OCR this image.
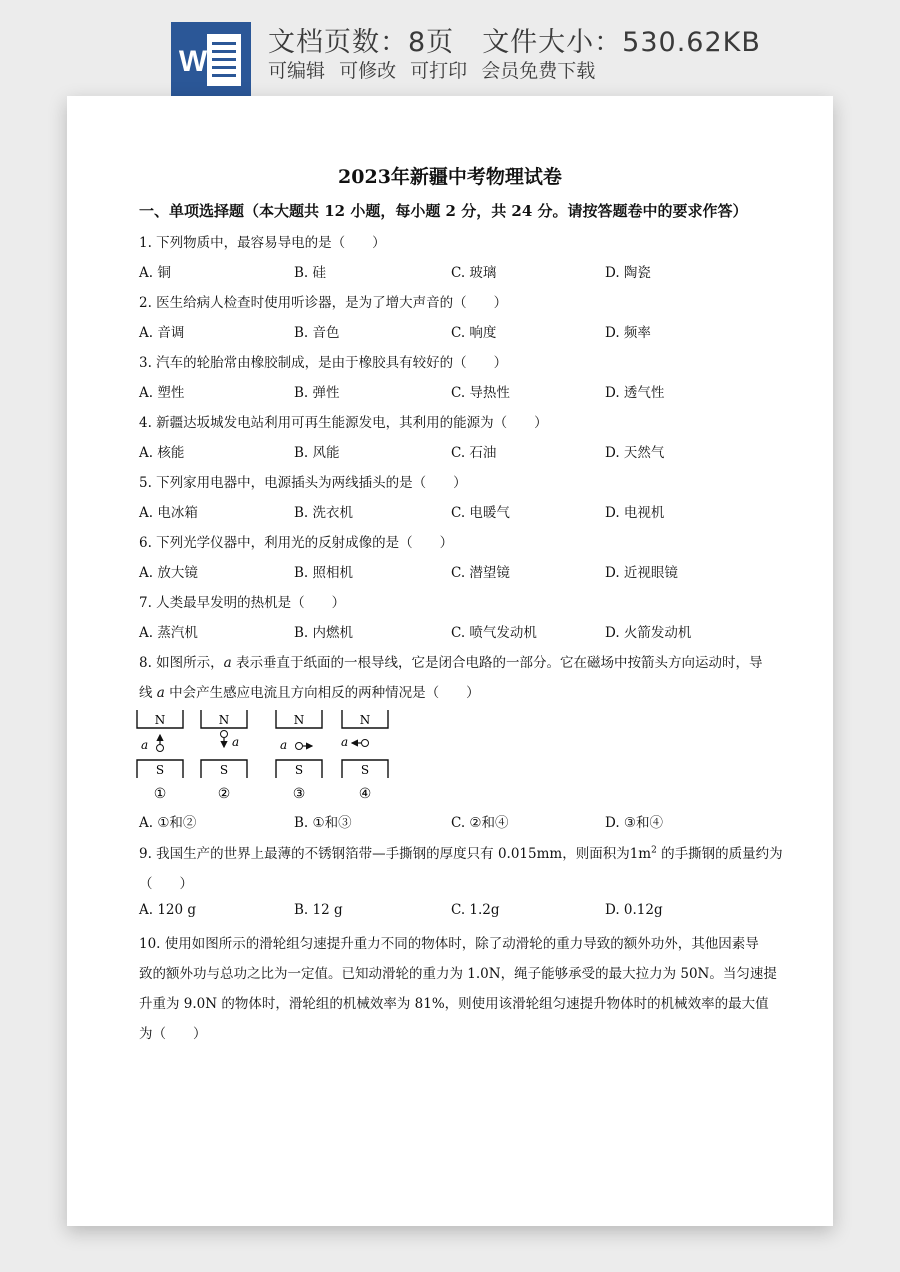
W
文档页数：8页 文件大小：530.62KB
可编辑 可修改 可打印 会员免费下载
2023年新疆中考物理试卷
一、单项选择题（本大题共 12 小题，每小题 2 分，共 24 分。请按答题卷中的要求作答）
1. 下列物质中，最容易导电的是（　　）
A. 铜	B. 硅	C. 玻璃	D. 陶瓷
2. 医生给病人检查时使用听诊器，是为了增大声音的（　　）
A. 音调	B. 音色	C. 响度	D. 频率
3. 汽车的轮胎常由橡胶制成，是由于橡胶具有较好的（　　）
A. 塑性	B. 弹性	C. 导热性	D. 透气性
4. 新疆达坂城发电站利用可再生能源发电，其利用的能源为（　　）
A. 核能	B. 风能	C. 石油	D. 天然气
5. 下列家用电器中，电源插头为两线插头的是（　　）
A. 电冰箱	B. 洗衣机	C. 电暖气	D. 电视机
6. 下列光学仪器中，利用光的反射成像的是（　　）
A. 放大镜	B. 照相机	C. 潜望镜	D. 近视眼镜
7. 人类最早发明的热机是（　　）
A. 蒸汽机	B. 内燃机	C. 喷气发动机	D. 火箭发动机
8. 如图所示，a 表示垂直于纸面的一根导线，它是闭合电路的一部分。它在磁场中按箭头方向运动时，导
线 a 中会产生感应电流且方向相反的两种情况是（　　）
N
S
a
①
N
S
a
②
N
S
a
③
N
S
a
④
A. ①和②	B. ①和③	C. ②和④	D. ③和④
9. 我国生产的世界上最薄的不锈钢箔带—手撕钢的厚度只有 0.015mm，则面积为$1m^2$ 的手撕钢的质量约为
（　　）
A. 120 g	B. 12 g	C. 1.2g	D. 0.12g
10. 使用如图所示的滑轮组匀速提升重力不同的物体时，除了动滑轮的重力导致的额外功外，其他因素导
致的额外功与总功之比为一定值。已知动滑轮的重力为 1.0N，绳子能够承受的最大拉力为 50N。当匀速提
升重为 9.0N 的物体时，滑轮组的机械效率为 81%，则使用该滑轮组匀速提升物体时的机械效率的最大值
为（　　）
